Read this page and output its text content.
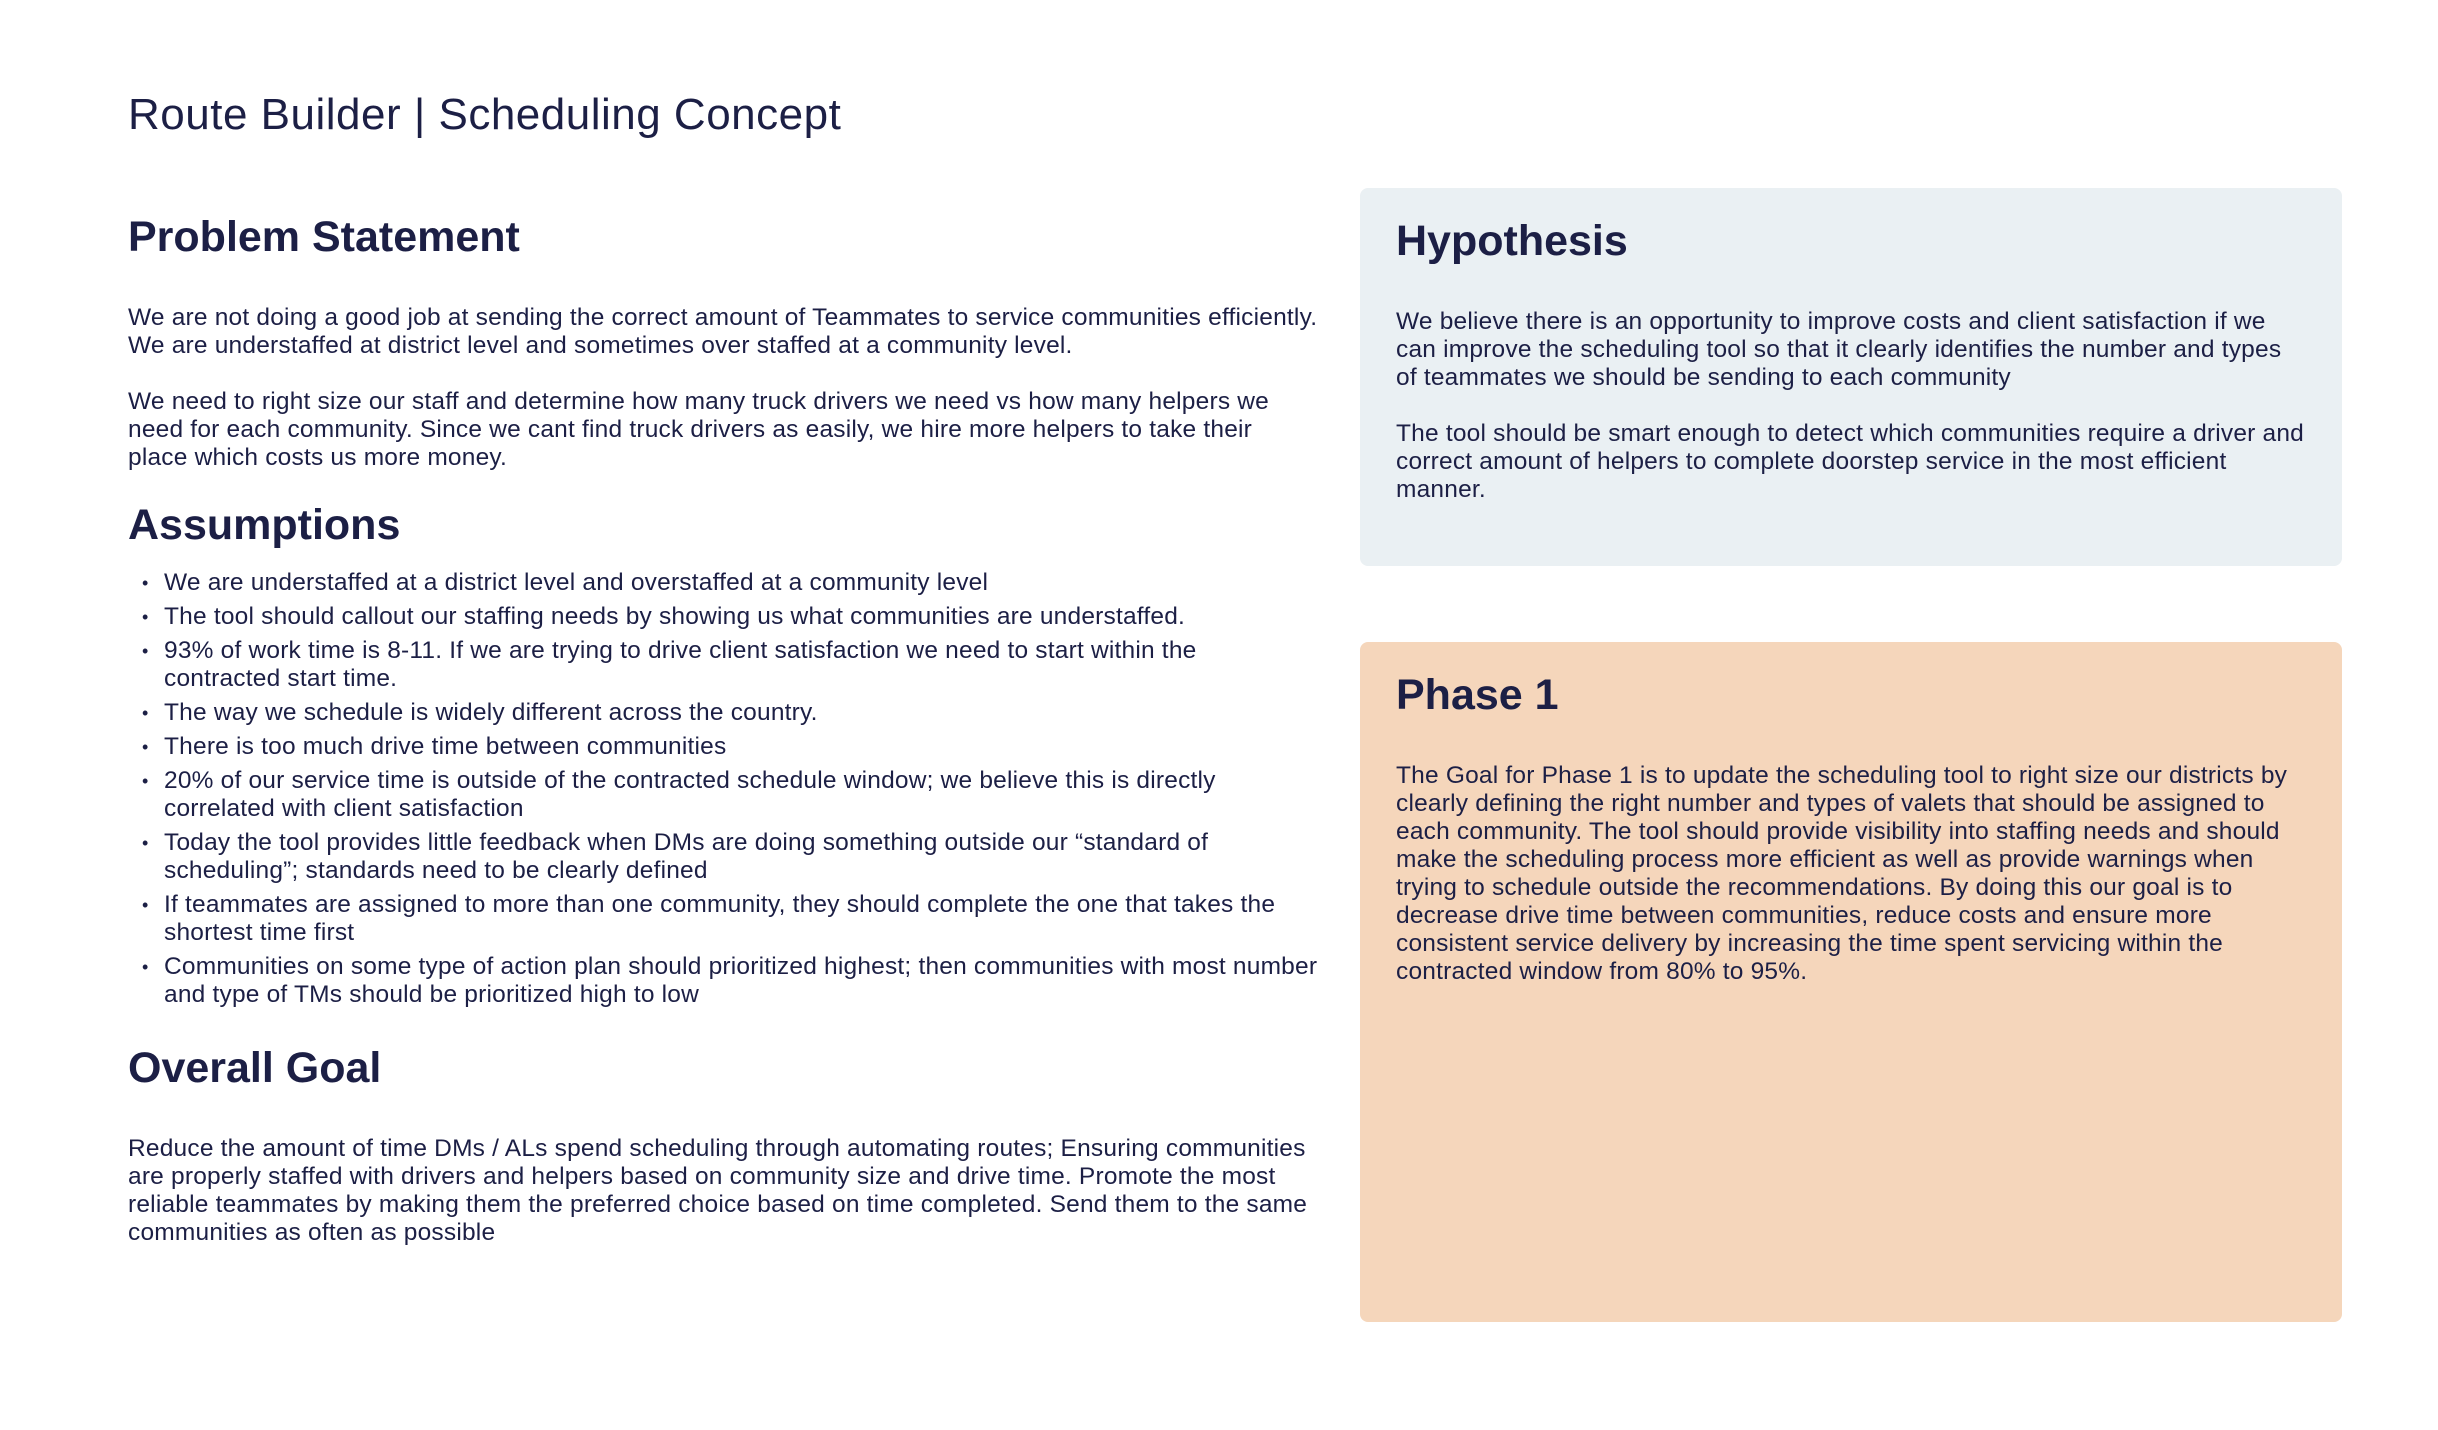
Route Builder | Scheduling Concept
Problem Statement

We are not doing a good job at sending the correct amount of Teammates to service communities efficiently. We are understaffed at district level and sometimes over staffed at a community level.

We need to right size our staff and determine how many truck drivers we need vs how many helpers we need for each community. Since we cant find truck drivers as easily, we hire more helpers to take their place which costs us more money.

Assumptions
• We are understaffed at a district level and overstaffed at a community level
• The tool should callout our staffing needs by showing us what communities are understaffed.
• 93% of work time is 8-11. If we are trying to drive client satisfaction we need to start within the contracted start time.
• The way we schedule is widely different across the country.
• There is too much drive time between communities
• 20% of our service time is outside of the contracted schedule window; we believe this is directly correlated with client satisfaction
• Today the tool provides little feedback when DMs are doing something outside our “standard of scheduling”; standards need to be clearly defined
• If teammates are assigned to more than one community, they should complete the one that takes the shortest time first
• Communities on some type of action plan should prioritized highest; then communities with most number and type of TMs should be prioritized high to low
Overall Goal

Reduce the amount of time DMs / ALs spend scheduling through automating routes; Ensuring communities are properly staffed with drivers and helpers based on community size and drive time. Promote the most reliable teammates by making them the preferred choice based on time completed. Send them to the same communities as often as possible

Hypothesis

We believe there is an opportunity to improve costs and client satisfaction if we can improve the scheduling tool so that it clearly identifies the number and types of teammates we should be sending to each community

The tool should be smart enough to detect which communities require a driver and correct amount of helpers to complete doorstep service in the most efficient manner.

Phase 1

The Goal for Phase 1 is to update the scheduling tool to right size our districts by clearly defining the right number and types of valets that should be assigned to each community. The tool should provide visibility into staffing needs and should make the scheduling process more efficient as well as provide warnings when trying to schedule outside the recommendations. By doing this our goal is to decrease drive time between communities, reduce costs and ensure more consistent service delivery by increasing the time spent servicing within the contracted window from 80% to 95%.
